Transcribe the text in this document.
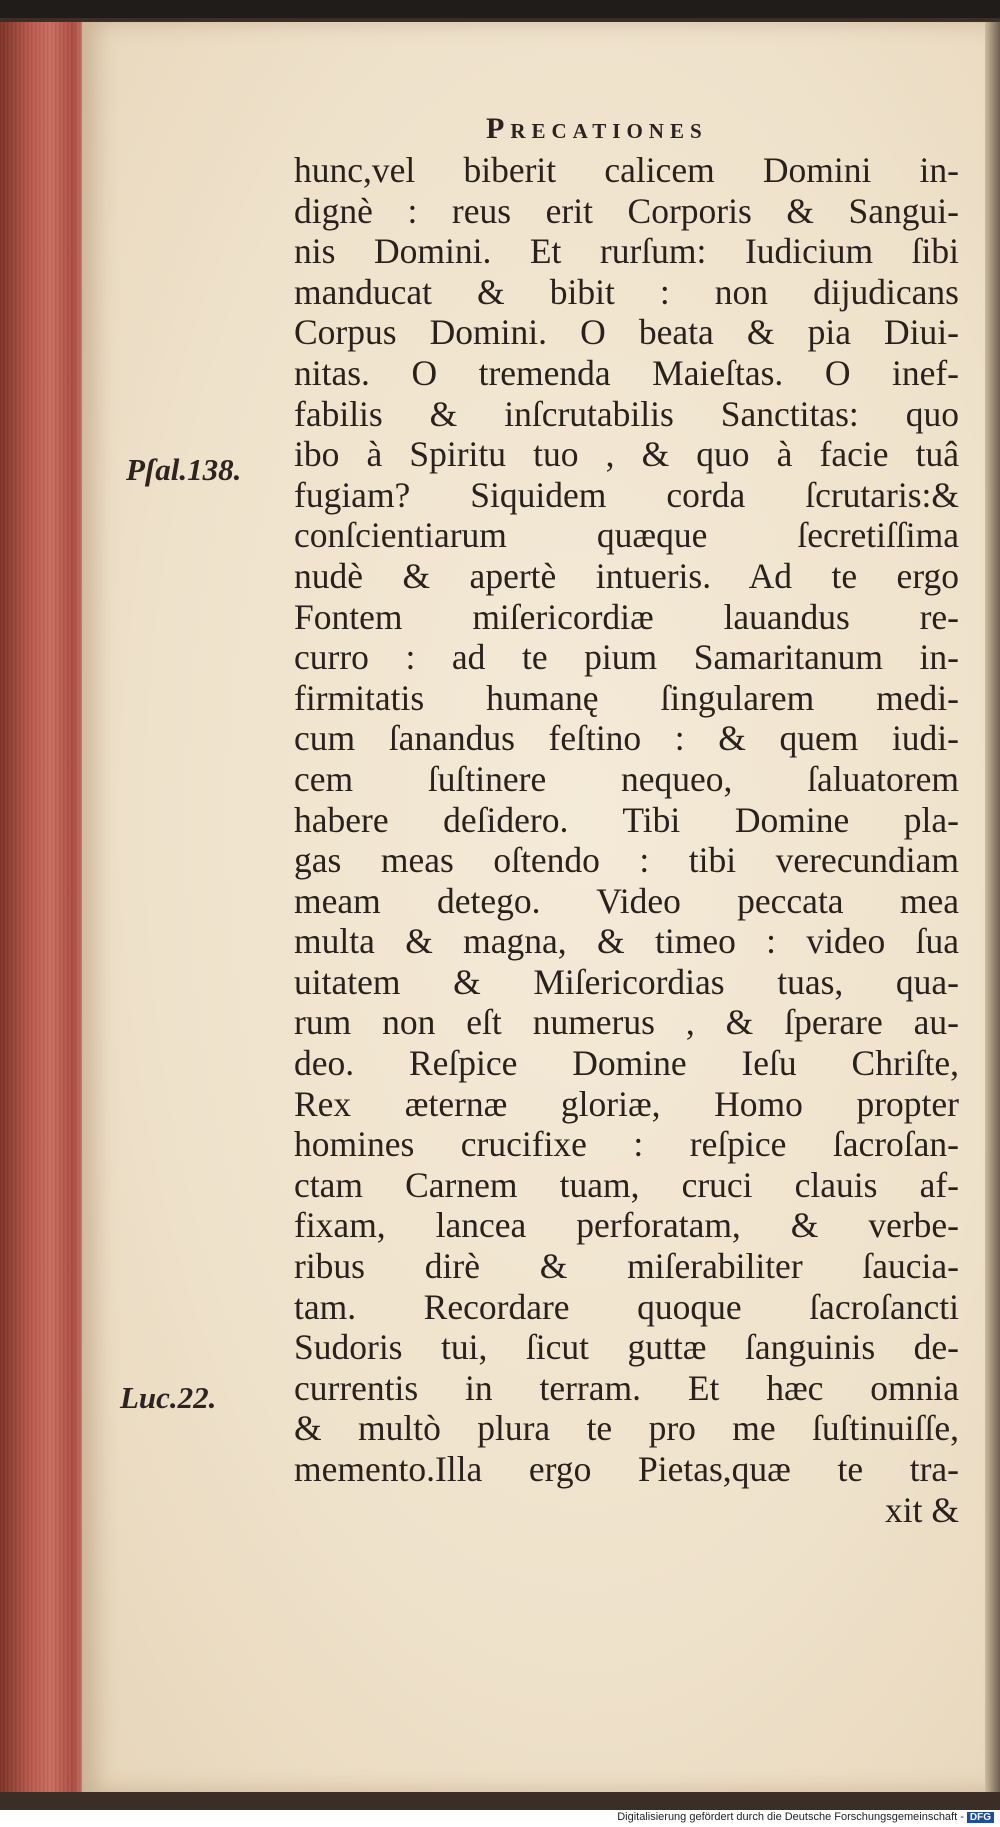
Precationes
Pſal.138.
Luc.22.
hunc,vel biberit calicem Domini in-
dignè : reus erit Corporis & Sangui-
nis Domini. Et rurſum: Iudicium ſibi
manducat & bibit : non dijudicans
Corpus Domini. O beata & pia Diui-
nitas. O tremenda Maieſtas. O inef-
fabilis & inſcrutabilis Sanctitas: quo
ibo à Spiritu tuo , & quo à facie tuâ
fugiam? Siquidem corda ſcrutaris:&
conſcientiarum quæque ſecretiſſima
nudè & apertè intueris. Ad te ergo
Fontem miſericordiæ lauandus re-
curro : ad te pium Samaritanum in-
firmitatis humanę ſingularem medi-
cum ſanandus feſtino : & quem iudi-
cem ſuſtinere nequeo, ſaluatorem
habere deſidero. Tibi Domine pla-
gas meas oſtendo : tibi verecundiam
meam detego. Video peccata mea
multa & magna, & timeo : video ſua
uitatem & Miſericordias tuas, qua-
rum non eſt numerus , & ſperare au-
deo. Reſpice Domine Ieſu Chriſte,
Rex æternæ gloriæ, Homo propter
homines crucifixe : reſpice ſacroſan-
ctam Carnem tuam, cruci clauis af-
fixam, lancea perforatam, & verbe-
ribus dirè & miſerabiliter ſaucia-
tam. Recordare quoque ſacroſancti
Sudoris tui, ſicut guttæ ſanguinis de-
currentis in terram. Et hæc omnia
& multò plura te pro me ſuſtinuiſſe,
memento.Illa ergo Pietas,quæ te tra-
xit &
Digitalisierung gefördert durch die Deutsche Forschungsgemeinschaft - DFG
